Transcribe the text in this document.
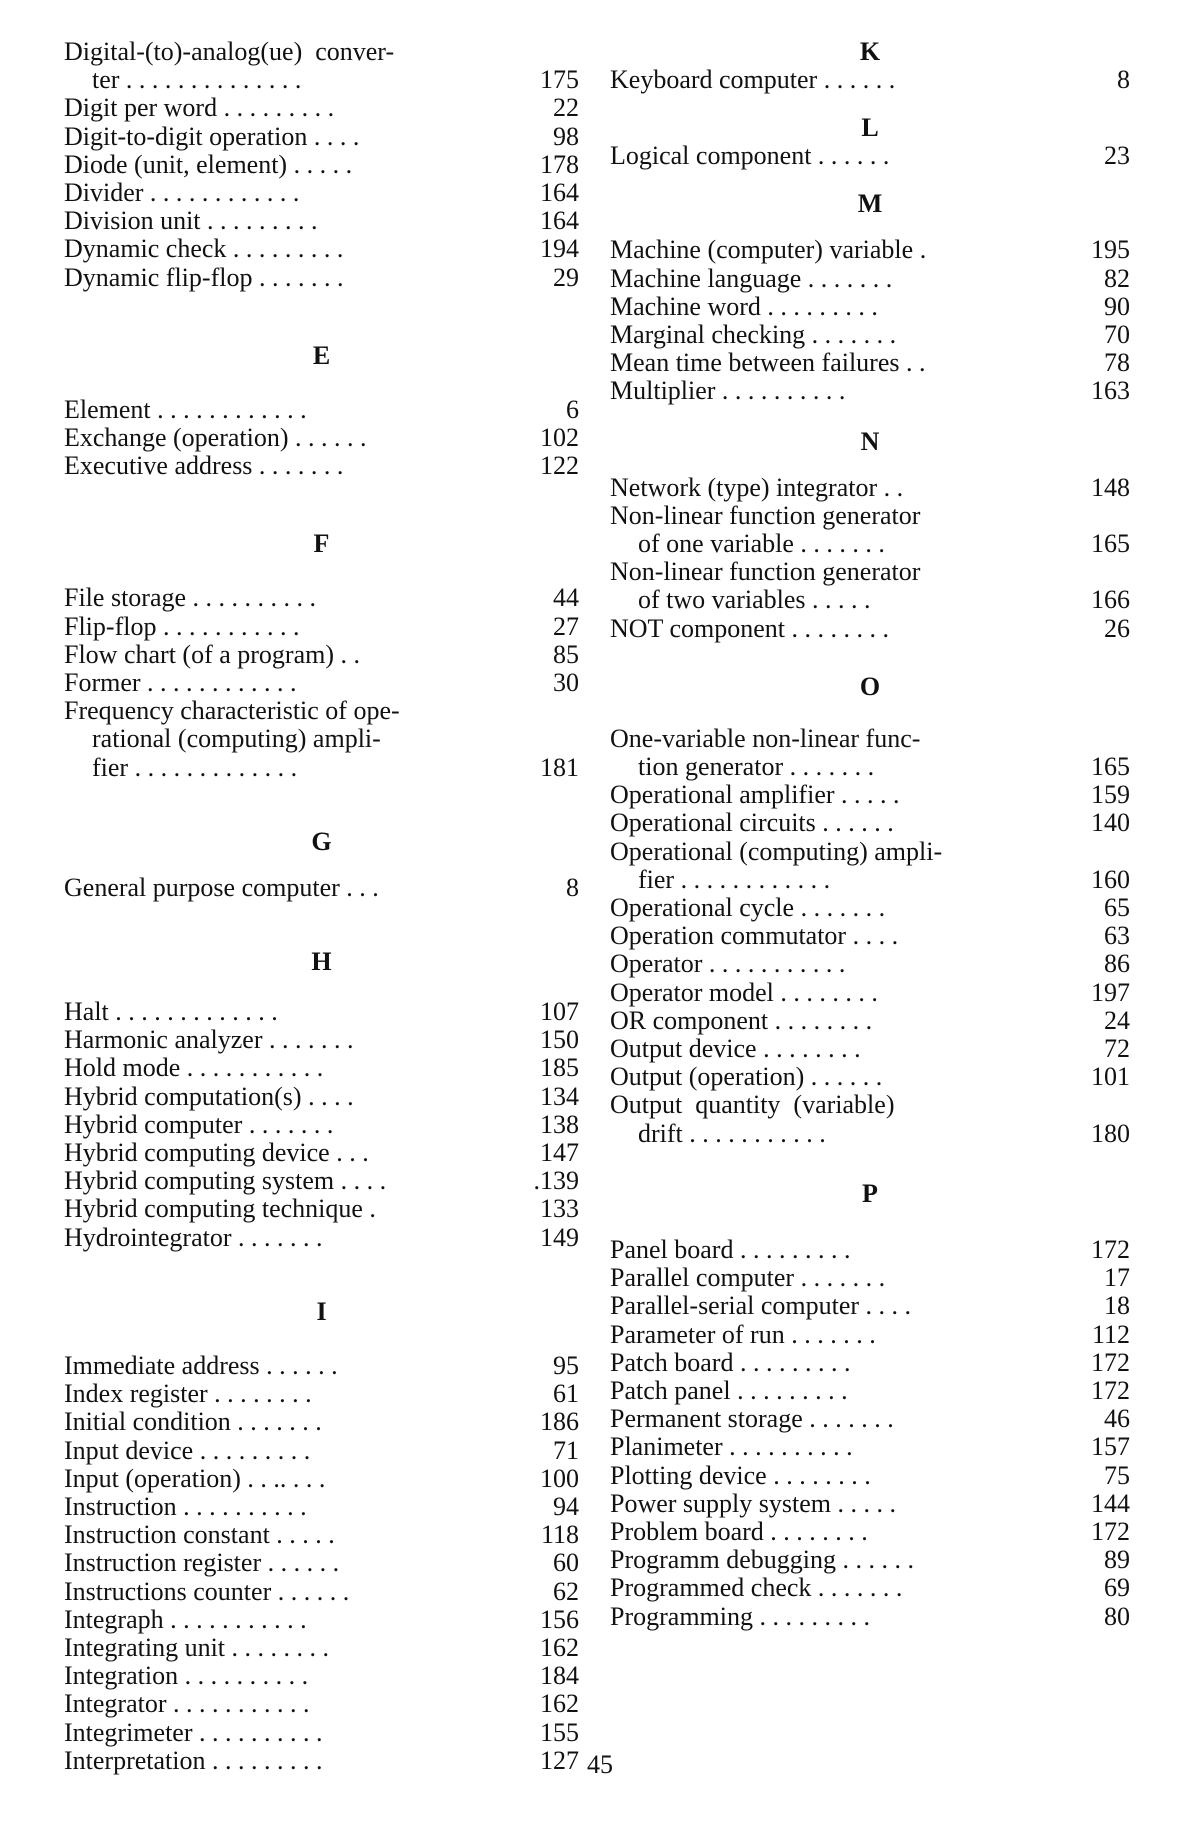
Digital-(to)-analog(ue)  conver-
ter . . . . . . . . . . . . . .	175
Digit per word . . . . . . . . .	22
Digit-to-digit operation . . . .	98
Diode (unit, element) . . . . .	178
Divider . . . . . . . . . . . .	164
Division unit . . . . . . . . .	164
Dynamic check . . . . . . . . .	194
Dynamic flip-flop . . . . . . .	29
E
Element . . . . . . . . . . . .	6
Exchange (operation) . . . . . .	102
Executive address . . . . . . .	122
F
File storage . . . . . . . . . .	44
Flip-flop . . . . . . . . . . .	27
Flow chart (of a program) . .	85
Former . . . . . . . . . . . .	30
Frequency characteristic of ope-
rational (computing) ampli-
fier . . . . . . . . . . . . .	181
G
General purpose computer . . .	8
H
Halt . . . . . . . . . . . . .	107
Harmonic analyzer . . . . . . .	150
Hold mode . . . . . . . . . . .	185
Hybrid computation(s) . . . .	134
Hybrid computer . . . . . . .	138
Hybrid computing device . . .	147
Hybrid computing system . . . .	.139
Hybrid computing technique .	133
Hydrointegrator . . . . . . .	149
I
Immediate address . . . . . .	95
Index register . . . . . . . .	61
Initial condition . . . . . . .	186
Input device . . . . . . . . .	71
Input (operation) . . .. . . .	100
Instruction . . . . . . . . . .	94
Instruction constant . . . . .	118
Instruction register . . . . . .	60
Instructions counter . . . . . .	62
Integraph . . . . . . . . . . .	156
Integrating unit . . . . . . . .	162
Integration . . . . . . . . . .	184
Integrator . . . . . . . . . . .	162
Integrimeter . . . . . . . . . .	155
Interpretation . . . . . . . . .	127
K
Keyboard computer . . . . . .	8
L
Logical component . . . . . .	23
M
Machine (computer) variable .	195
Machine language . . . . . . .	82
Machine word . . . . . . . . .	90
Marginal checking . . . . . . .	70
Mean time between failures . .	78
Multiplier . . . . . . . . . .	163
N
Network (type) integrator . .	148
Non-linear function generator
of one variable . . . . . . .	165
Non-linear function generator
of two variables . . . . .	166
NOT component . . . . . . . .	26
O
One-variable non-linear func-
tion generator . . . . . . .	165
Operational amplifier . . . . .	159
Operational circuits . . . . . .	140
Operational (computing) ampli-
fier . . . . . . . . . . . .	160
Operational cycle . . . . . . .	65
Operation commutator . . . .	63
Operator . . . . . . . . . . .	86
Operator model . . . . . . . .	197
OR component . . . . . . . .	24
Output device . . . . . . . .	72
Output (operation) . . . . . .	101
Output  quantity  (variable)
drift . . . . . . . . . . .	180
P
Panel board . . . . . . . . .	172
Parallel computer . . . . . . .	17
Parallel-serial computer . . . .	18
Parameter of run . . . . . . .	112
Patch board . . . . . . . . .	172
Patch panel . . . . . . . . .	172
Permanent storage . . . . . . .	46
Planimeter . . . . . . . . . .	157
Plotting device . . . . . . . .	75
Power supply system . . . . .	144
Problem board . . . . . . . .	172
Programm debugging . . . . . .	89
Programmed check . . . . . . .	69
Programming . . . . . . . . .	80
45
